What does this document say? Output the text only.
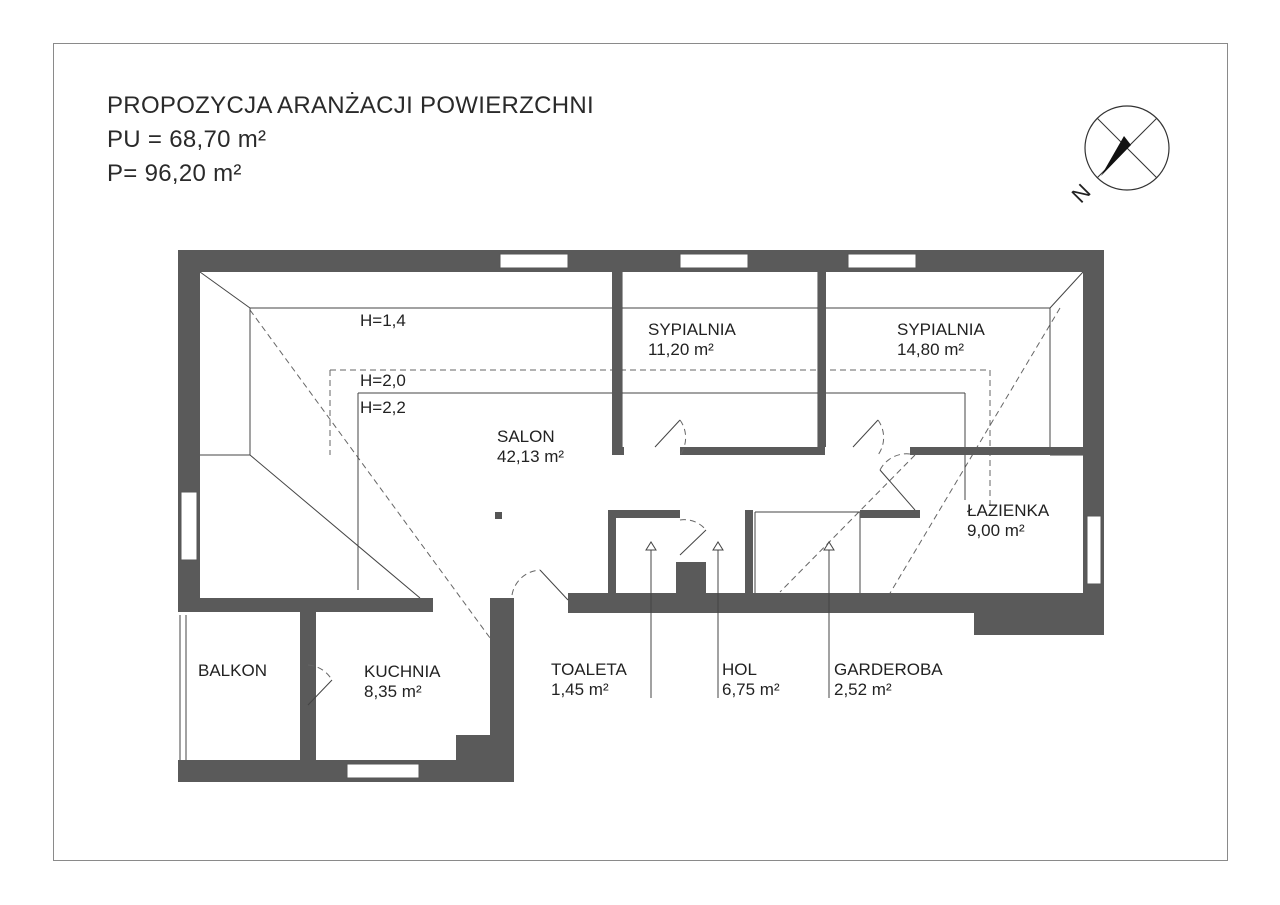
PROPOZYCJA ARANŻACJI POWIERZCHNI
PU = 68,70 m²
P= 96,20 m²
N
H=1,4
H=2,0
H=2,2
SYPIALNIA
11,20 m²
SYPIALNIA
14,80 m²
SALON
42,13 m²
ŁAZIENKA
9,00 m²
BALKON	KUCHNIA
8,35 m²
TOALETA
1,45 m²
HOL
6,75 m²
GARDEROBA
2,52 m²
